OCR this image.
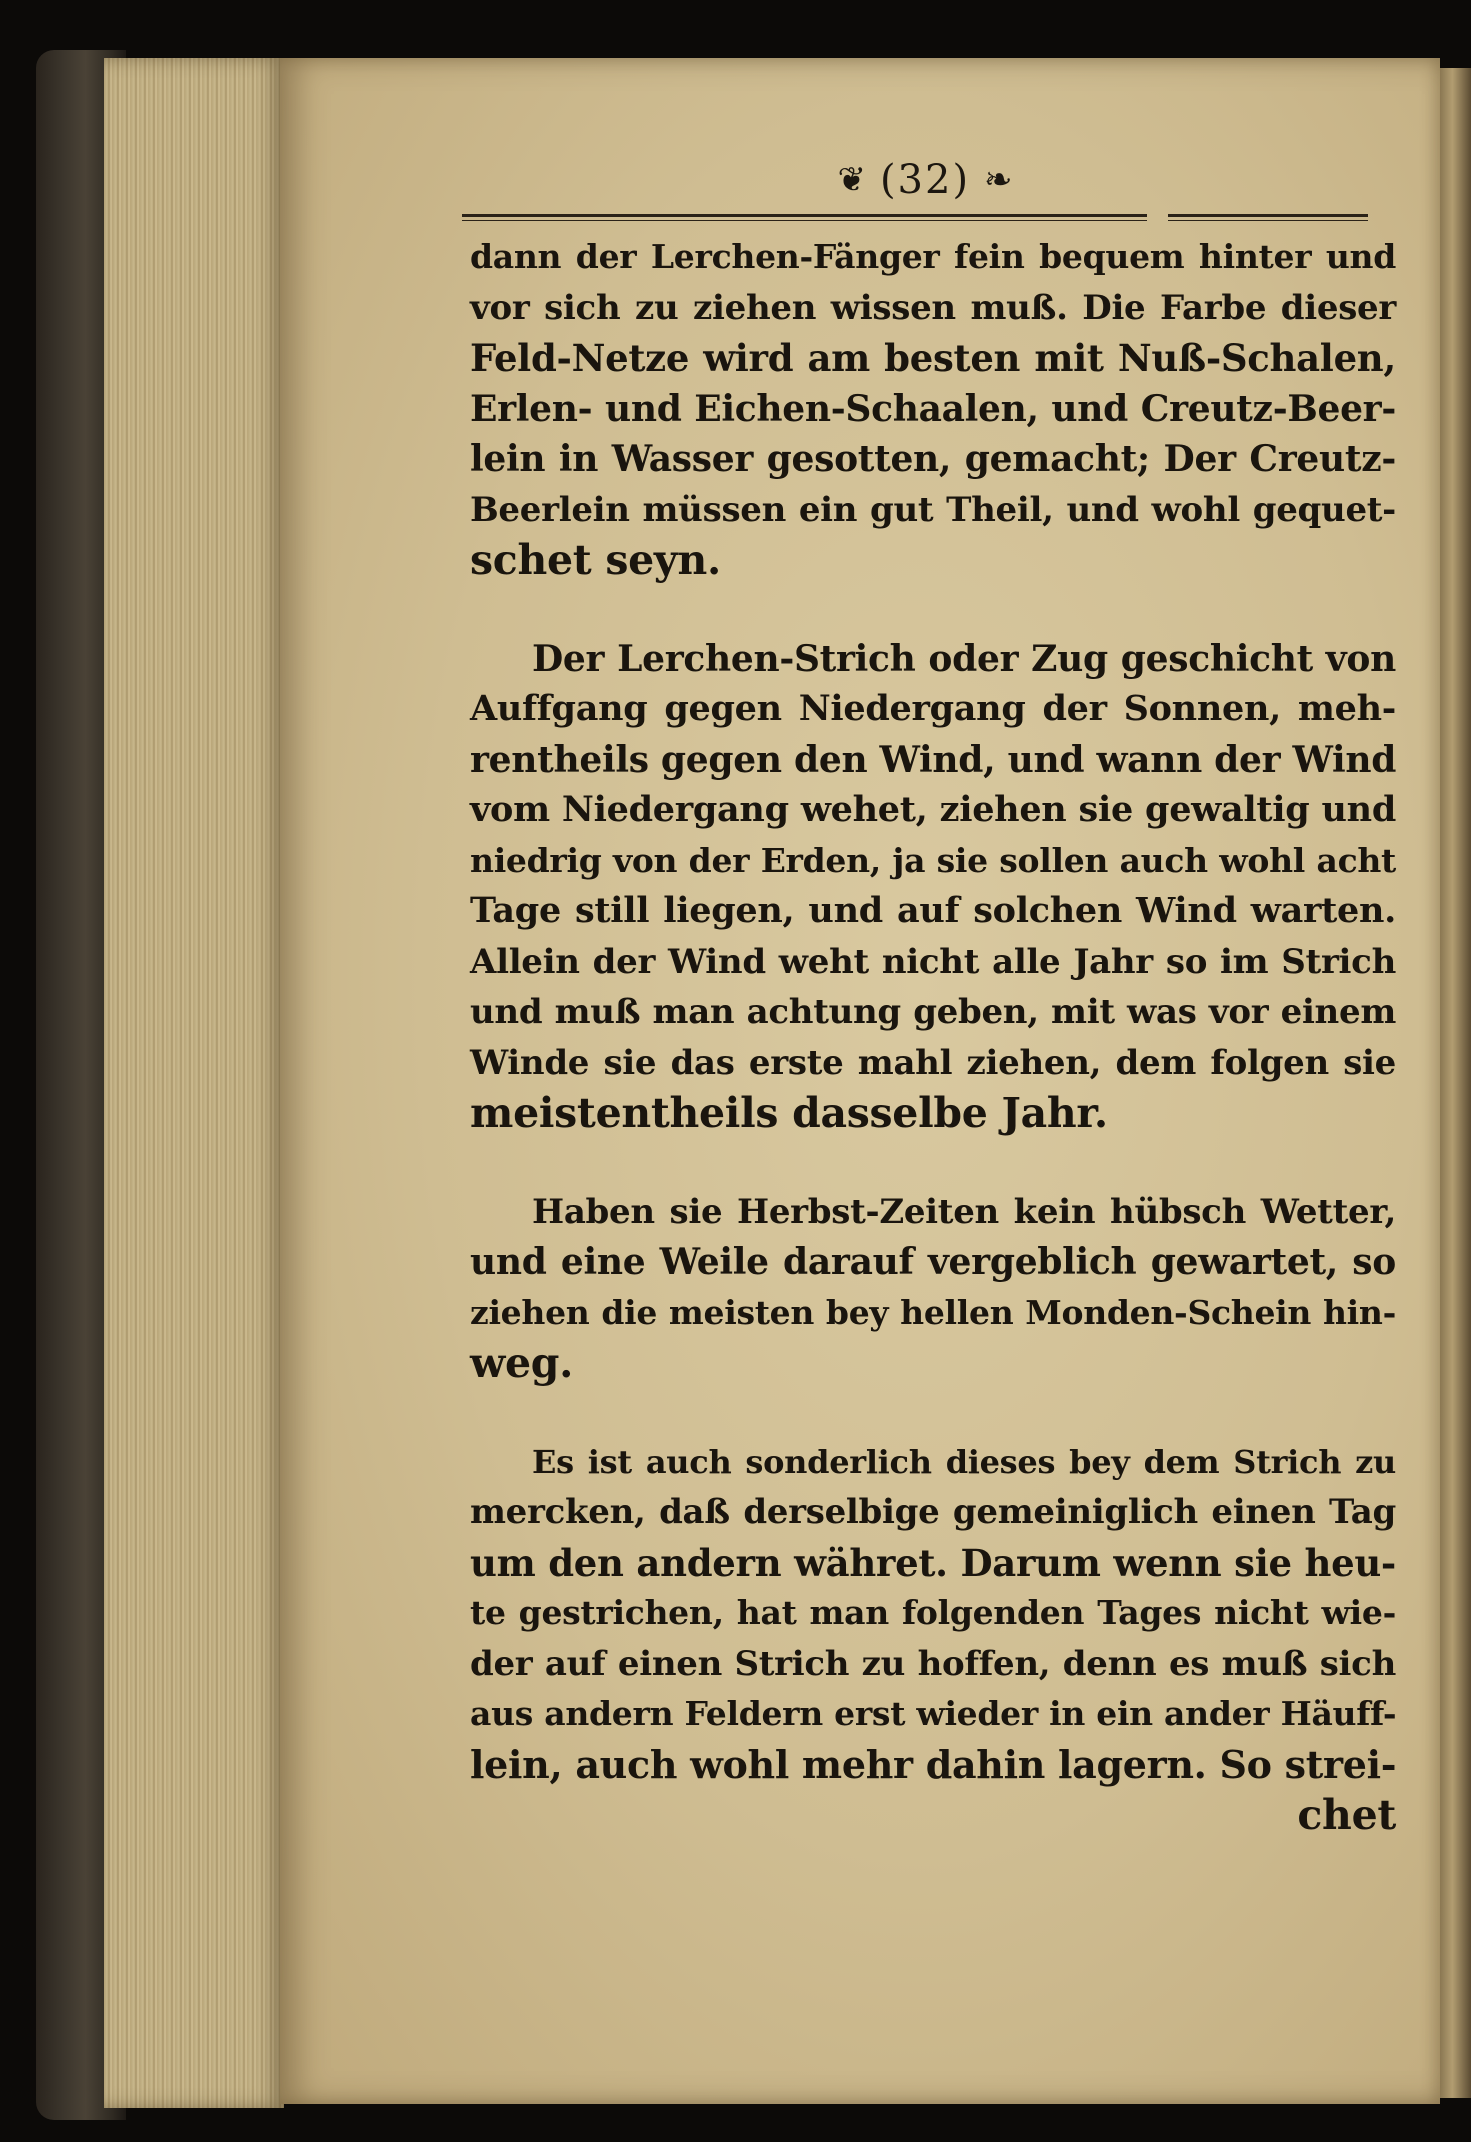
❦ (32) ❧
dann der Lerchen-Fänger fein bequem hinter und
vor sich zu ziehen wissen muß. Die Farbe dieser
Feld-Netze wird am besten mit Nuß-Schalen,
Erlen- und Eichen-Schaalen, und Creutz-Beer-
lein in Wasser gesotten, gemacht; Der Creutz-
Beerlein müssen ein gut Theil, und wohl gequet-
schet seyn.
Der Lerchen-Strich oder Zug geschicht von
Auffgang gegen Niedergang der Sonnen, meh-
rentheils gegen den Wind, und wann der Wind
vom Niedergang wehet, ziehen sie gewaltig und
niedrig von der Erden, ja sie sollen auch wohl acht
Tage still liegen, und auf solchen Wind warten.
Allein der Wind weht nicht alle Jahr so im Strich
und muß man achtung geben, mit was vor einem
Winde sie das erste mahl ziehen, dem folgen sie
meistentheils dasselbe Jahr.
Haben sie Herbst-Zeiten kein hübsch Wetter,
und eine Weile darauf vergeblich gewartet, so
ziehen die meisten bey hellen Monden-Schein hin-
weg.
Es ist auch sonderlich dieses bey dem Strich zu
mercken, daß derselbige gemeiniglich einen Tag
um den andern währet. Darum wenn sie heu-
te gestrichen, hat man folgenden Tages nicht wie-
der auf einen Strich zu hoffen, denn es muß sich
aus andern Feldern erst wieder in ein ander Häuff-
lein, auch wohl mehr dahin lagern. So strei-
chet
